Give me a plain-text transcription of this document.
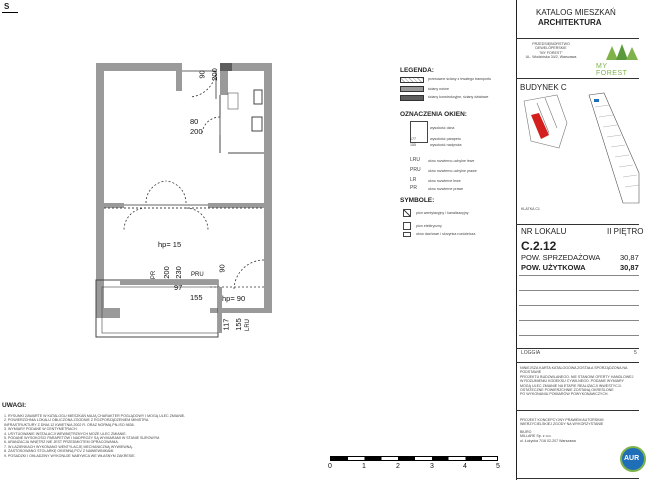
S
90 200
80
200
hp= 15
PR 200 230 PRU
97
90
hp= 90
155
117 155 LRU
LEGENDA:
przesuwne ściany z trwałego transportu
ściany nośne
ściany konstrukcyjne, ściany działowe
OZNACZENIA OKIEN:
177
155
wysokość okna
wysokość parapetu
wysokość nadproża
LRU okno rozwierno-uchylne lewe
PRU okno rozwierno-uchylne prawe
LR	okno rozwierne lewe
PR	okno rozwierne prawe
SYMBOLE:
pion wentylacyjny / kanalizacyjny
pion elektryczny
okno dachowe / skrzynka rozdzielcza
UWAGI:
1. RYSUNKI ZAWARTE W KATALOGU MIESZKAŃ MAJĄ CHARAKTER POGLĄDOWY I MOGĄ ULEC ZMIANIE.
2. POWIERZCHNIA LOKALU OBLICZONA ZGODNIE Z ROZPORZĄDZENIEM MINISTRA
INFRASTRUKTURY Z DNIA 12 KWIETNIA 2002 R. ORAZ NORMĄ PN-ISO 9836.
3. WYMIARY PODANE W CENTYMETRACH.
4. USYTUOWANIE INSTALACJI WEWNĘTRZNYCH MOŻE ULEC ZMIANIE.
5. PODANE WYSOKOŚCI PARAPETÓW I NADPROŻY SĄ WYMIARAMI W STANIE SUROWYM.
6. ARANŻACJA WNĘTRZ NIE JEST PRZEDMIOTEM OPRACOWANIA.
7. W ŁAZIENKACH WYKONANO WENTYLACJĘ MECHANICZNĄ WYWIEWNĄ.
8. ZASTOSOWANO STOLARKĘ OKIENNĄ PCV Z NAWIEWNIKAMI.
9. POSADZKI I OKŁADZINY WYKONUJE NABYWCA WE WŁASNYM ZAKRESIE.
0	1	2	3	4	5
KATALOG MIESZKAŃ
ARCHITEKTURA
PRZEDSIĘBIORSTWO
DEWELOPERSKIE
"MY FOREST"
UL. Wodzińska 34/2, Warszawa
MY FOREST
BUDYNEK C
KLATKA C1
NR LOKALU	II PIĘTRO
C.2.12
POW. SPRZEDAŻOWA	30,87
POW. UŻYTKOWA	30,87
LOGGIA	5
NINIEJSZA KARTA KATALOGOWA ZOSTAŁA SPORZĄDZONA NA PODSTAWIE
PROJEKTU BUDOWLANEGO. NIE STANOWI OFERTY HANDLOWEJ
W ROZUMIENIU KODEKSU CYWILNEGO. PODANE WYMIARY
MOGĄ ULEC ZMIANIE NA ETAPIE REALIZACJI INWESTYCJI.
OSTATECZNE POWIERZCHNIE ZOSTANĄ OKREŚLONE
PO WYKONANIU POMIARÓW POWYKONAWCZYCH.
PROJEKT KONCEPCYJNY PRAWEM AUTORSKIM
WIERZYCIELSKIEJ ZGODY NA WYKORZYSTANIE
BIURO
MILLARE Sp. z o.o.
ul. Łużycka 7/16 02-207 Warszawa
AUR
